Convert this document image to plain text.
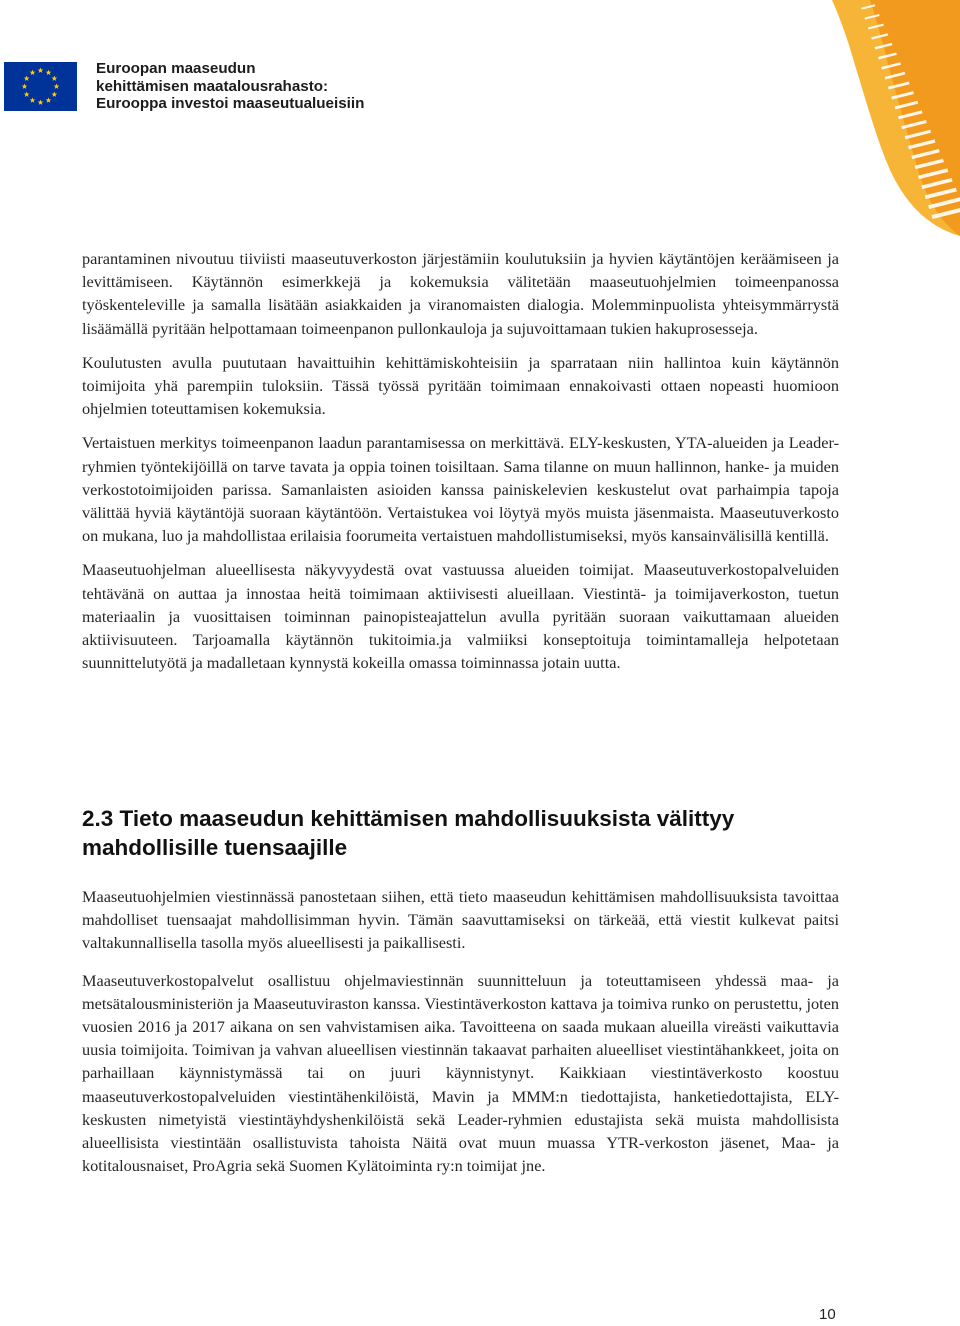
Euroopan maaseudun
kehittämisen maatalousrahasto:
Eurooppa investoi maaseutualueisiin

parantaminen nivoutuu tiiviisti maaseutuverkoston järjestämiin koulutuksiin ja hyvien käytäntöjen keräämiseen ja levittämiseen. Käytännön esimerkkejä ja kokemuksia välitetään maaseutuohjelmien toimeenpanossa työskenteleville ja samalla lisätään asiakkaiden ja viranomaisten dialogia. Molemminpuolista yhteisymmärrystä lisäämällä pyritään helpottamaan toimeenpanon pullonkauloja ja sujuvoittamaan tukien hakuprosesseja.

Koulutusten avulla puututaan havaittuihin kehittämiskohteisiin ja sparrataan niin hallintoa kuin käytännön toimijoita yhä parempiin tuloksiin. Tässä työssä pyritään toimimaan ennakoivasti ottaen nopeasti huomioon ohjelmien toteuttamisen kokemuksia.

Vertaistuen merkitys toimeenpanon laadun parantamisessa on merkittävä. ELY-keskusten, YTA-alueiden ja Leader-ryhmien työntekijöillä on tarve tavata ja oppia toinen toisiltaan. Sama tilanne on muun hallinnon, hanke- ja muiden verkostotoimijoiden parissa. Samanlaisten asioiden kanssa painiskelevien keskustelut ovat parhaimpia tapoja välittää hyviä käytäntöjä suoraan käytäntöön. Vertaistukea voi löytyä myös muista jäsenmaista. Maaseutuverkosto on mukana, luo ja mahdollistaa erilaisia foorumeita vertaistuen mahdollistumiseksi, myös kansainvälisillä kentillä.

Maaseutuohjelman alueellisesta näkyvyydestä ovat vastuussa alueiden toimijat. Maaseutuverkostopalveluiden tehtävänä on auttaa ja innostaa heitä toimimaan aktiivisesti alueillaan. Viestintä- ja toimijaverkoston, tuetun materiaalin ja vuosittaisen toiminnan painopisteajattelun avulla pyritään suoraan vaikuttamaan alueiden aktiivisuuteen. Tarjoamalla käytännön tukitoimia.ja valmiiksi konseptoituja toimintamalleja helpotetaan suunnittelutyötä ja madalletaan kynnystä kokeilla omassa toiminnassa jotain uutta.

2.3 Tieto maaseudun kehittämisen mahdollisuuksista välittyy mahdollisille tuensaajille

Maaseutuohjelmien viestinnässä panostetaan siihen, että tieto maaseudun kehittämisen mahdollisuuksista tavoittaa mahdolliset tuensaajat mahdollisimman hyvin. Tämän saavuttamiseksi on tärkeää, että viestit kulkevat paitsi valtakunnallisella tasolla myös alueellisesti ja paikallisesti.

Maaseutuverkostopalvelut osallistuu ohjelmaviestinnän suunnitteluun ja toteuttamiseen yhdessä maa- ja metsätalousministeriön ja Maaseutuviraston kanssa. Viestintäverkoston kattava ja toimiva runko on perustettu, joten vuosien 2016 ja 2017 aikana on sen vahvistamisen aika. Tavoitteena on saada mukaan alueilla vireästi vaikuttavia uusia toimijoita. Toimivan ja vahvan alueellisen viestinnän takaavat parhaiten alueelliset viestintähankkeet, joita on parhaillaan käynnistymässä tai on juuri käynnistynyt. Kaikkiaan viestintäverkosto koostuu maaseutuverkostopalveluiden viestintähenkilöistä, Mavin ja MMM:n tiedottajista, hanketiedottajista, ELY-keskusten nimetyistä viestintäyhdyshenkilöistä sekä Leader-ryhmien edustajista sekä muista mahdollisista alueellisista viestintään osallistuvista tahoista Näitä ovat muun muassa YTR-verkoston jäsenet, Maa- ja kotitalousnaiset, ProAgria sekä Suomen Kylätoiminta ry:n toimijat jne.

10
